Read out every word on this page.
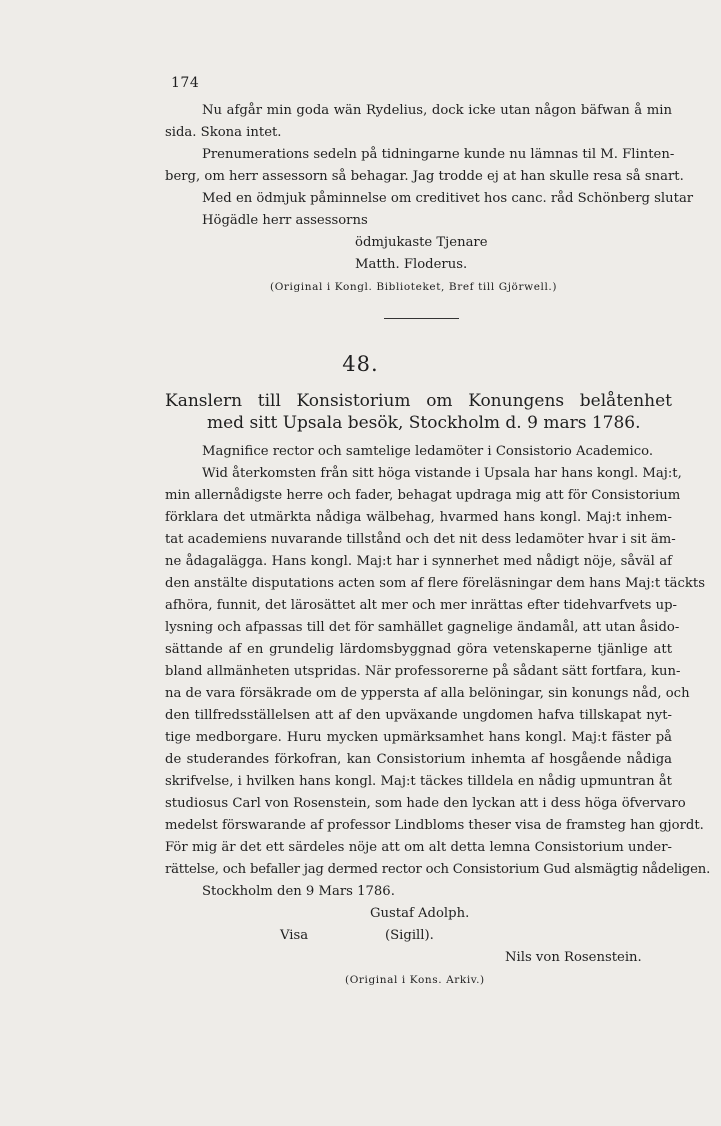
174
Nu afgår min goda wän Rydelius, dock icke utan någon bäfwan å min
sida. Skona intet.
Prenumerations sedeln på tidningarne kunde nu lämnas til M. Flinten-
berg, om herr assessorn så behagar. Jag trodde ej at han skulle resa så snart.
Med en ödmjuk påminnelse om creditivet hos canc. råd Schönberg slutar
Högädle herr assessorns
ödmjukaste Tjenare
Matth. Floderus.
(Original i Kongl. Biblioteket, Bref till Gjörwell.)
48.
Kanslern till Konsistorium om Konungens belåtenhet
med sitt Upsala besök, Stockholm d. 9 mars 1786.
Magnifice rector och samtelige ledamöter i Consistorio Academico.
Wid återkomsten från sitt höga vistande i Upsala har hans kongl. Maj:t,
min allernådigste herre och fader, behagat updraga mig att för Consistorium
förklara det utmärkta nådiga wälbehag, hvarmed hans kongl. Maj:t inhem-
tat academiens nuvarande tillstånd och det nit dess ledamöter hvar i sit äm-
ne ådagalägga. Hans kongl. Maj:t har i synnerhet med nådigt nöje, såväl af
den anstälte disputations acten som af flere föreläsningar dem hans Maj:t täckts
afhöra, funnit, det lärosättet alt mer och mer inrättas efter tidehvarfvets up-
lysning och afpassas till det för samhället gagnelige ändamål, att utan åsido-
sättande af en grundelig lärdomsbyggnad göra vetenskaperne tjänlige att
bland allmänheten utspridas. När professorerne på sådant sätt fortfara, kun-
na de vara försäkrade om de yppersta af alla belöningar, sin konungs nåd, och
den tillfredsställelsen att af den upväxande ungdomen hafva tillskapat nyt-
tige medborgare. Huru mycken upmärksamhet hans kongl. Maj:t fäster på
de studerandes förkofran, kan Consistorium inhemta af hosgående nådiga
skrifvelse, i hvilken hans kongl. Maj:t täckes tilldela en nådig upmuntran åt
studiosus Carl von Rosenstein, som hade den lyckan att i dess höga öfvervaro
medelst förswarande af professor Lindbloms theser visa de framsteg han gjordt.
För mig är det ett särdeles nöje att om alt detta lemna Consistorium under-
rättelse, och befaller jag dermed rector och Consistorium Gud alsmägtig nådeligen.
Stockholm den 9 Mars 1786.
Gustaf Adolph.
Visa	(Sigill).
Nils von Rosenstein.
(Original i Kons. Arkiv.)
